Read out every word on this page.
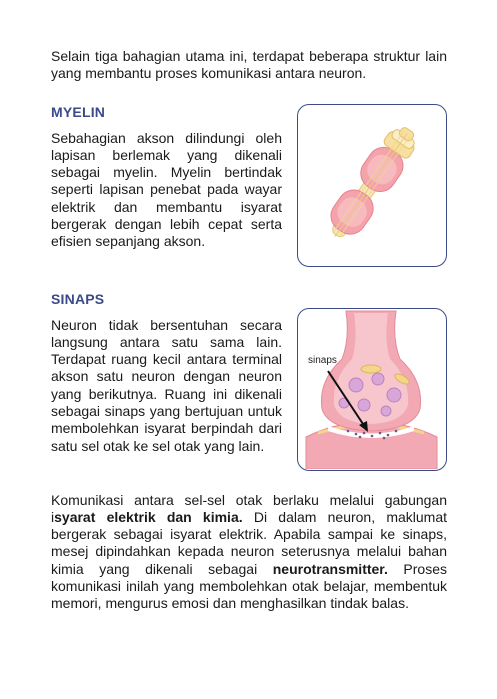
Selain tiga bahagian utama ini, terdapat beberapa struktur lain yang membantu proses komunikasi antara neuron.

MYELIN

Sebahagian akson dilindungi oleh lapisan berlemak yang dikenali sebagai myelin. Myelin bertindak seperti lapisan penebat pada wayar elektrik dan membantu isyarat bergerak dengan lebih cepat serta efisien sepanjang akson.

SINAPS

Neuron tidak bersentuhan secara langsung antara satu sama lain. Terdapat ruang kecil antara terminal akson satu neuron dengan neuron yang berikutnya. Ruang ini dikenali sebagai sinaps yang bertujuan untuk membolehkan isyarat berpindah dari satu sel otak ke sel otak yang lain.

sinaps

Komunikasi antara sel-sel otak berlaku melalui gabungan isyarat elektrik dan kimia. Di dalam neuron, maklumat bergerak sebagai isyarat elektrik. Apabila sampai ke sinaps, mesej dipindahkan kepada neuron seterusnya melalui bahan kimia yang dikenali sebagai neurotransmitter. Proses komunikasi inilah yang membolehkan otak belajar, membentuk memori, mengurus emosi dan menghasilkan tindak balas.
